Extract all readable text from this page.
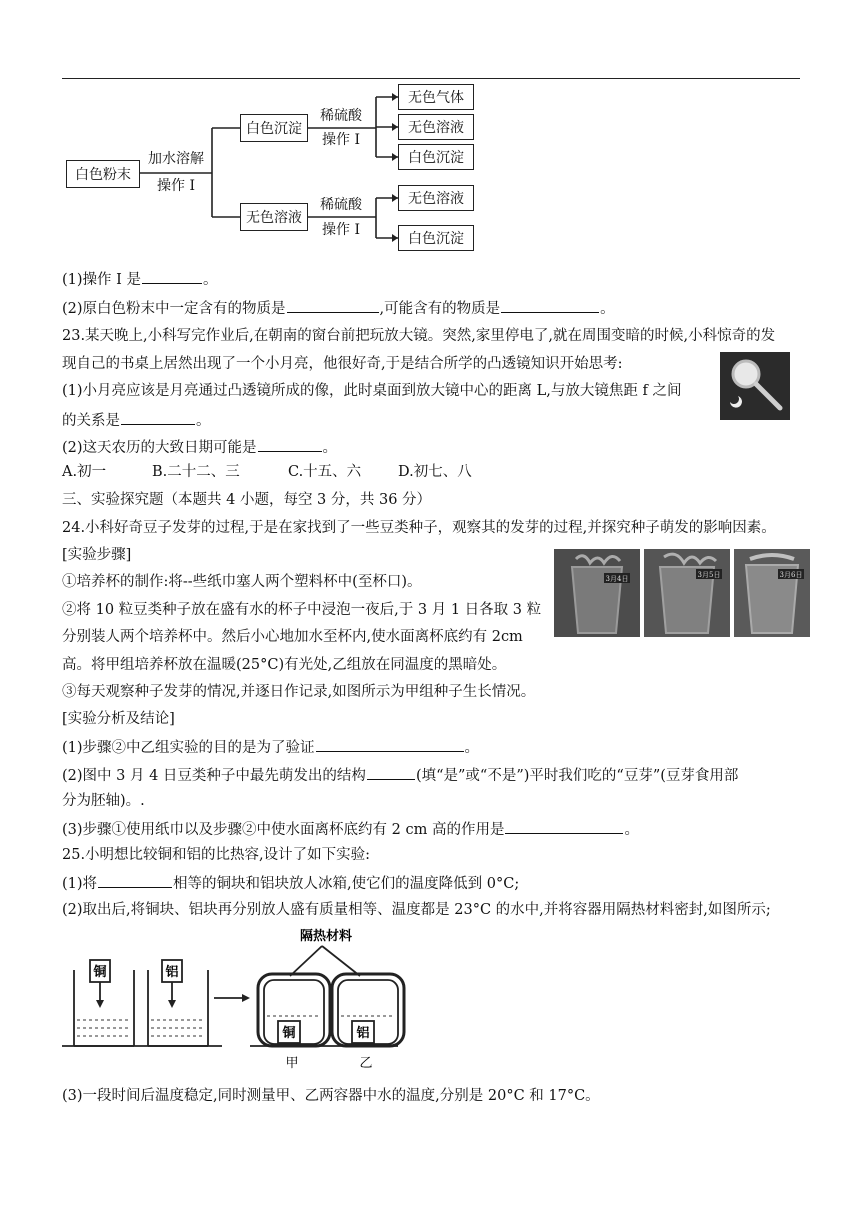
白色粉末
加水溶解
操作 I
白色沉淀
无色溶液
稀硫酸
操作 I
稀硫酸
操作 I
无色气体
无色溶液
白色沉淀
无色溶液
白色沉淀
(1)操作 I 是	。
(2)原白色粉末中一定含有的物质是	,可能含有的物质是	。
23.某天晚上,小科写完作业后,在朝南的窗台前把玩放大镜。突然,家里停电了,就在周围变暗的时候,小科惊奇的发
现自己的书桌上居然出现了一个小月亮，他很好奇,于是结合所学的凸透镜知识开始思考:
(1)小月亮应该是月亮通过凸透镜所成的像，此时桌面到放大镜中心的距离 L,与放大镜焦距 f 之间
的关系是	。
(2)这天农历的大致日期可能是	。
A.初一	B.二十二、三	C.十五、六	D.初七、八
三、实验探究题（本题共 4 小题，每空 3 分，共 36 分）
24.小科好奇豆子发芽的过程,于是在家找到了一些豆类种子，观察其的发芽的过程,并探究种子萌发的影响因素。
[实验步骤]
①培养杯的制作:将--些纸巾塞人两个塑料杯中(至杯口)。
②将 10 粒豆类种子放在盛有水的杯子中浸泡一夜后,于 3 月 1 日各取 3 粒
分别装人两个培养杯中。然后小心地加水至杯内,使水面离杯底约有 2cm
高。将甲组培养杯放在温暖(25°C)有光处,乙组放在同温度的黑暗处。
③每天观察种子发芽的情况,并逐日作记录,如图所示为甲组种子生长情况。
[实验分析及结论]
(1)步骤②中乙组实验的目的是为了验证	。
(2)图中 3 月 4 日豆类种子中最先萌发出的结构	(填“是”或“不是”)平时我们吃的“豆芽”(豆芽食用部
分为胚轴)。.
(3)步骤①使用纸巾以及步骤②中使水面离杯底约有 2 cm 高的作用是	。
3月4日	3月5日	3月6日
25.小明想比较铜和铝的比热容,设计了如下实验:
(1)将	相等的铜块和铝块放人冰箱,使它们的温度降低到 0°C;
(2)取出后,将铜块、铝块再分别放人盛有质量相等、温度都是 23°C 的水中,并将容器用隔热材料密封,如图所示;
铜	铝
隔热材料
铜	铝
甲	乙
(3)一段时间后温度稳定,同时测量甲、乙两容器中水的温度,分别是 20°C 和 17°C。
